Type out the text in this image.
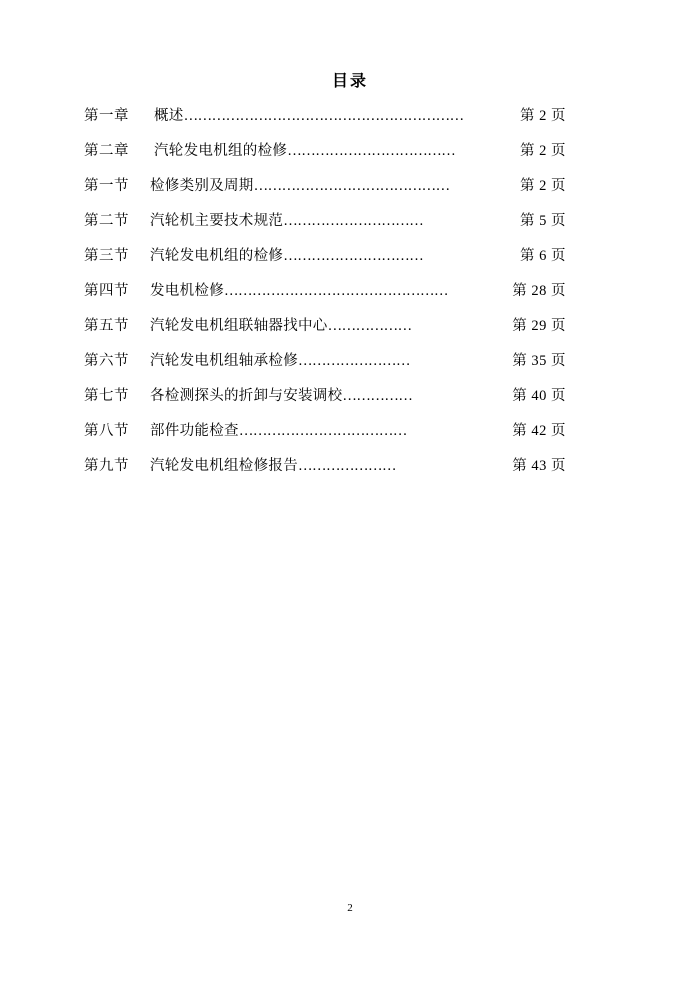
目录
第一章	概述 ……………………………………………………	第 2 页
第二章	汽轮发电机组的检修 ………………………………	第 2 页
第一节	检修类别及周期 ……………………………………	第 2 页
第二节	汽轮机主要技术规范 …………………………	第 5 页
第三节	汽轮发电机组的检修 …………………………	第 6 页
第四节	发电机检修 …………………………………………	第 28 页
第五节	汽轮发电机组联轴器找中心 ………………	第 29 页
第六节	汽轮发电机组轴承检修 ……………………	第 35 页
第七节	各检测探头的折卸与安装调校 ……………	第 40 页
第八节	部件功能检查 ………………………………	第 42 页
第九节	汽轮发电机组检修报告 …………………	第 43 页
2
